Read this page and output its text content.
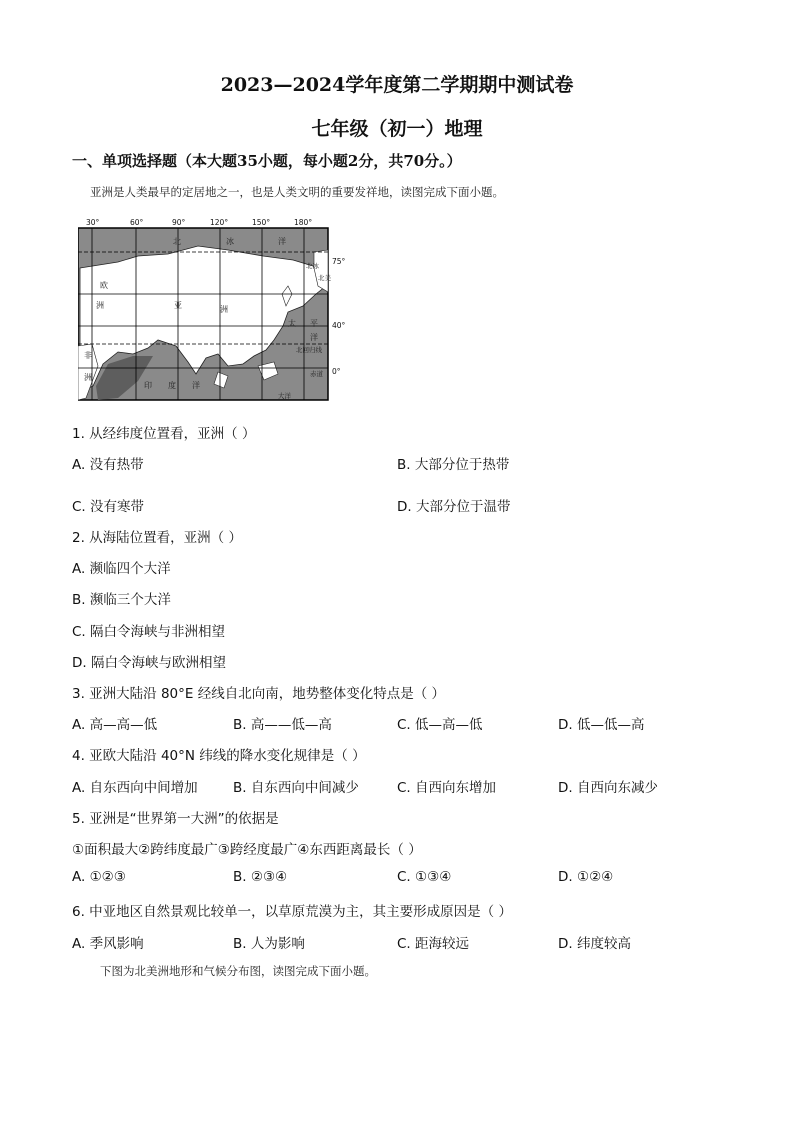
2023—2024学年度第二学期期中测试卷
七年级（初一）地理
一、单项选择题（本大题35小题，每小题2分，共70分。）
亚洲是人类最早的定居地之一，也是人类文明的重要发祥地，读图完成下面小题。
30°	60°	90°	120°	150°	180°
75°
40°
0°
北	冰	洋
欧
洲	亚	洲
北冰
北美
太 平
洋
北回归线
赤道
印 度 洋
非
洲
大洋
1. 从经纬度位置看，亚洲（ ）
A. 没有热带	B. 大部分位于热带
C. 没有寒带	D. 大部分位于温带
2. 从海陆位置看，亚洲（ ）
A. 濒临四个大洋
B. 濒临三个大洋
C. 隔白令海峡与非洲相望
D. 隔白令海峡与欧洲相望
3. 亚洲大陆沿 80°E 经线自北向南，地势整体变化特点是（ ）
A. 高—高—低	B. 高——低—高	C. 低—高—低	D. 低—低—高
4. 亚欧大陆沿 40°N 纬线的降水变化规律是（ ）
A. 自东西向中间增加	B. 自东西向中间减少	C. 自西向东增加	D. 自西向东减少
5. 亚洲是“世界第一大洲”的依据是
①面积最大②跨纬度最广③跨经度最广④东西距离最长（ ）
A. ①②③	B. ②③④	C. ①③④	D. ①②④
6. 中亚地区自然景观比较单一，以草原荒漠为主，其主要形成原因是（ ）
A. 季风影响	B. 人为影响	C. 距海较远	D. 纬度较高
下图为北美洲地形和气候分布图，读图完成下面小题。
